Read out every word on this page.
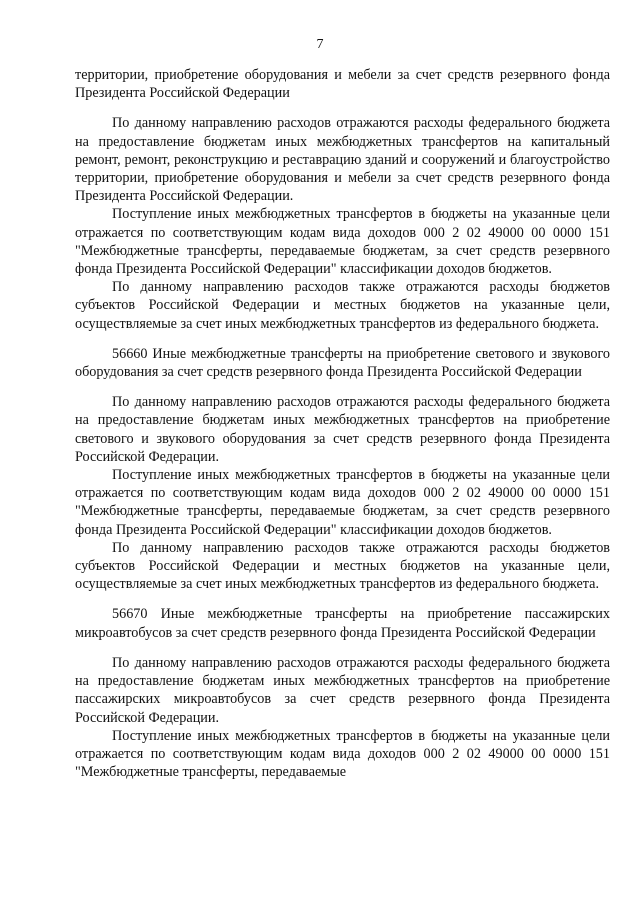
7

территории, приобретение оборудования и мебели за счет средств резервного фонда Президента Российской Федерации

По данному направлению расходов отражаются расходы федерального бюджета на предоставление бюджетам иных межбюджетных трансфертов на капитальный ремонт, ремонт, реконструкцию и реставрацию зданий и сооружений и благоустройство территории, приобретение оборудования и мебели за счет средств резервного фонда Президента Российской Федерации.

Поступление иных межбюджетных трансфертов в бюджеты на указанные цели отражается по соответствующим кодам вида доходов 000 2 02 49000 00 0000 151 "Межбюджетные трансферты, передаваемые бюджетам, за счет средств резервного фонда Президента Российской Федерации" классификации доходов бюджетов.

По данному направлению расходов также отражаются расходы бюджетов субъектов Российской Федерации и местных бюджетов на указанные цели, осуществляемые за счет иных межбюджетных трансфертов из федерального бюджета.

56660 Иные межбюджетные трансферты на приобретение светового и звукового оборудования за счет средств резервного фонда Президента Российской Федерации

По данному направлению расходов отражаются расходы федерального бюджета на предоставление бюджетам иных межбюджетных трансфертов на приобретение светового и звукового оборудования за счет средств резервного фонда Президента Российской Федерации.

Поступление иных межбюджетных трансфертов в бюджеты на указанные цели отражается по соответствующим кодам вида доходов 000 2 02 49000 00 0000 151 "Межбюджетные трансферты, передаваемые бюджетам, за счет средств резервного фонда Президента Российской Федерации" классификации доходов бюджетов.

По данному направлению расходов также отражаются расходы бюджетов субъектов Российской Федерации и местных бюджетов на указанные цели, осуществляемые за счет иных межбюджетных трансфертов из федерального бюджета.

56670 Иные межбюджетные трансферты на приобретение пассажирских микроавтобусов за счет средств резервного фонда Президента Российской Федерации

По данному направлению расходов отражаются расходы федерального бюджета на предоставление бюджетам иных межбюджетных трансфертов на приобретение пассажирских микроавтобусов за счет средств резервного фонда Президента Российской Федерации.

Поступление иных межбюджетных трансфертов в бюджеты на указанные цели отражается по соответствующим кодам вида доходов 000 2 02 49000 00 0000 151 "Межбюджетные трансферты, передаваемые
